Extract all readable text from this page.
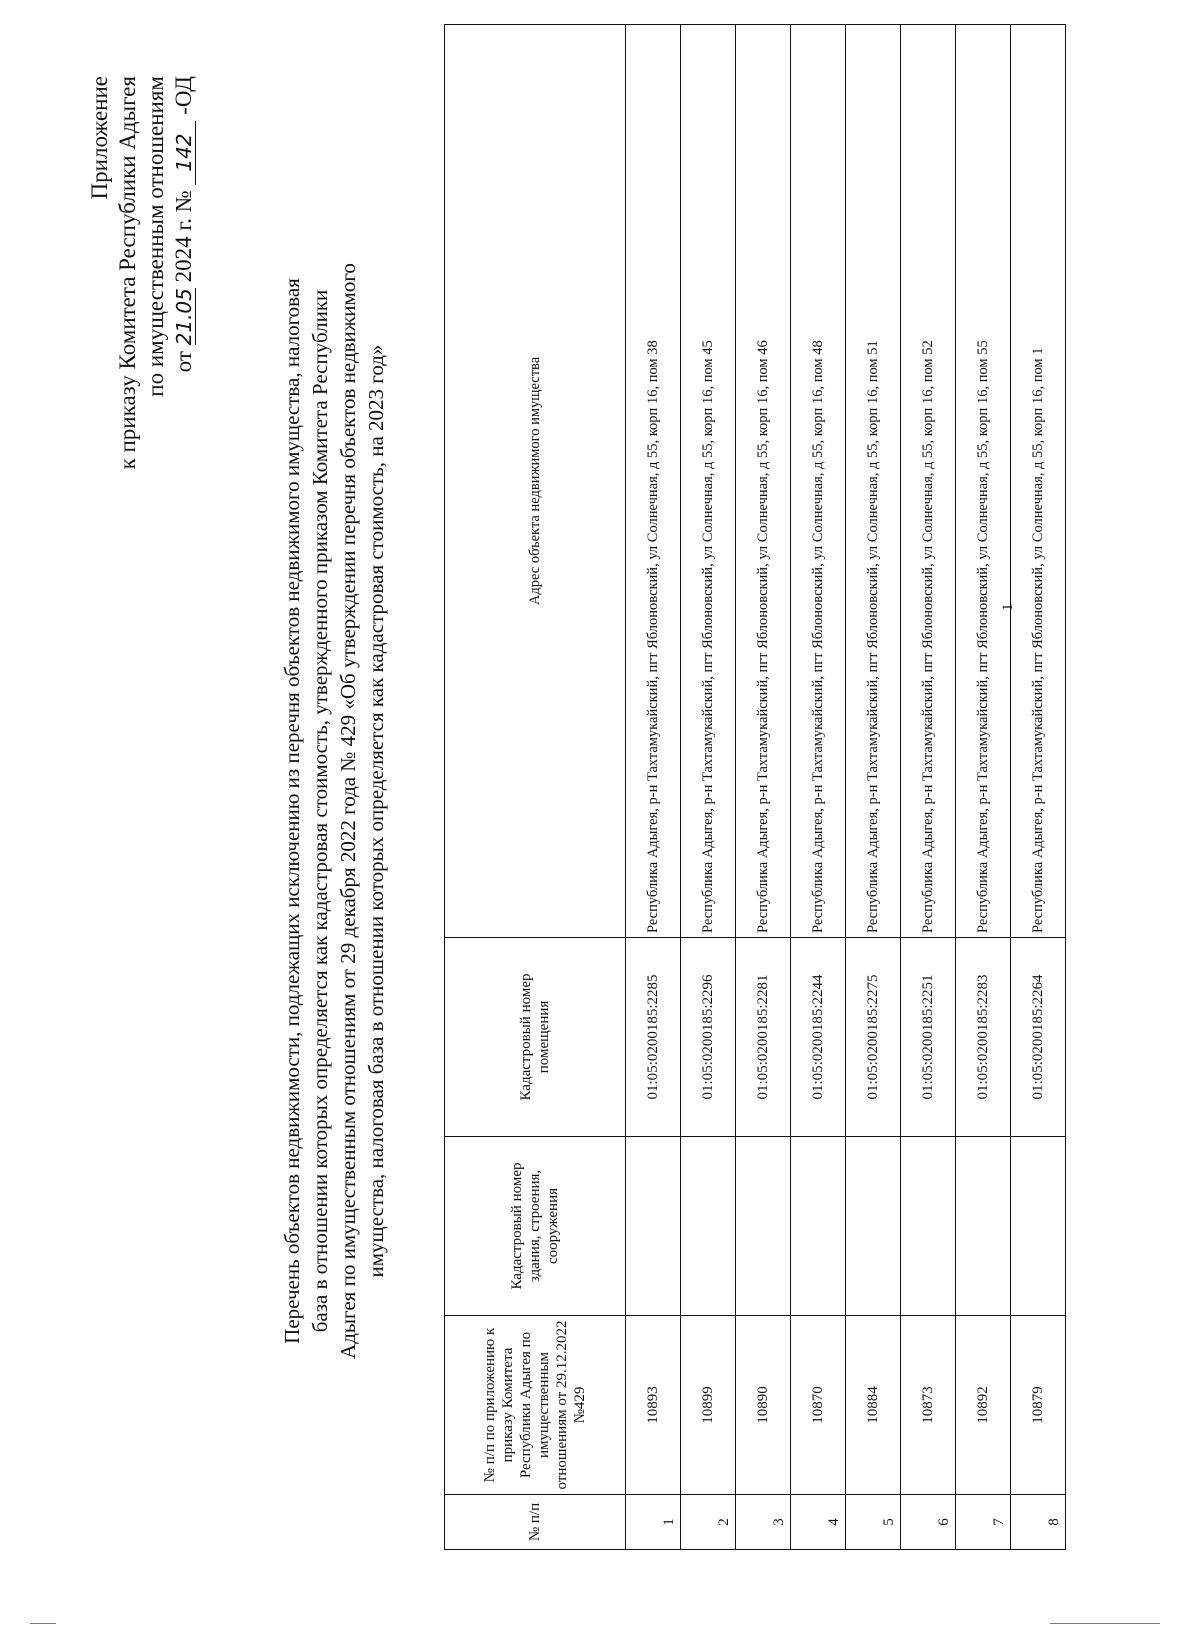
Приложение к приказу Комитета Республики Адыгея по имущественным отношениям от 21.05 2024 г. № 142 -ОД
Перечень объектов недвижимости, подлежащих исключению из перечня объектов недвижимого имущества, налоговая база в отношении которых определяется как кадастровая стоимость, утвержденного приказом Комитета Республики Адыгея по имущественным отношениям от 29 декабря 2022 года № 429 «Об утверждении перечня объектов недвижимого имущества, налоговая база в отношении которых определяется как кадастровая стоимость, на 2023 год»
№ п/п	№ п/п по приложению к приказу Комитета Республики Адыгея по имущественным отношениям от 29.12.2022 №429	Кадастровый номер здания, строения, сооружения	Кадастровый номер помещения	Адрес объекта недвижимого имущества
1	10893		01:05:0200185:2285	Республика Адыгея, р-н Тахтамукайский, пгт Яблоновский, ул Солнечная, д 55, корп 16, пом 38
2	10899		01:05:0200185:2296	Республика Адыгея, р-н Тахтамукайский, пгт Яблоновский, ул Солнечная, д 55, корп 16, пом 45
3	10890		01:05:0200185:2281	Республика Адыгея, р-н Тахтамукайский, пгт Яблоновский, ул Солнечная, д 55, корп 16, пом 46
4	10870		01:05:0200185:2244	Республика Адыгея, р-н Тахтамукайский, пгт Яблоновский, ул Солнечная, д 55, корп 16, пом 48
5	10884		01:05:0200185:2275	Республика Адыгея, р-н Тахтамукайский, пгт Яблоновский, ул Солнечная, д 55, корп 16, пом 51
6	10873		01:05:0200185:2251	Республика Адыгея, р-н Тахтамукайский, пгт Яблоновский, ул Солнечная, д 55, корп 16, пом 52
7	10892		01:05:0200185:2283	Республика Адыгея, р-н Тахтамукайский, пгт Яблоновский, ул Солнечная, д 55, корп 16, пом 55
8	10879		01:05:0200185:2264	Республика Адыгея, р-н Тахтамукайский, пгт Яблоновский, ул Солнечная, д 55, корп 16, пом 1
1
